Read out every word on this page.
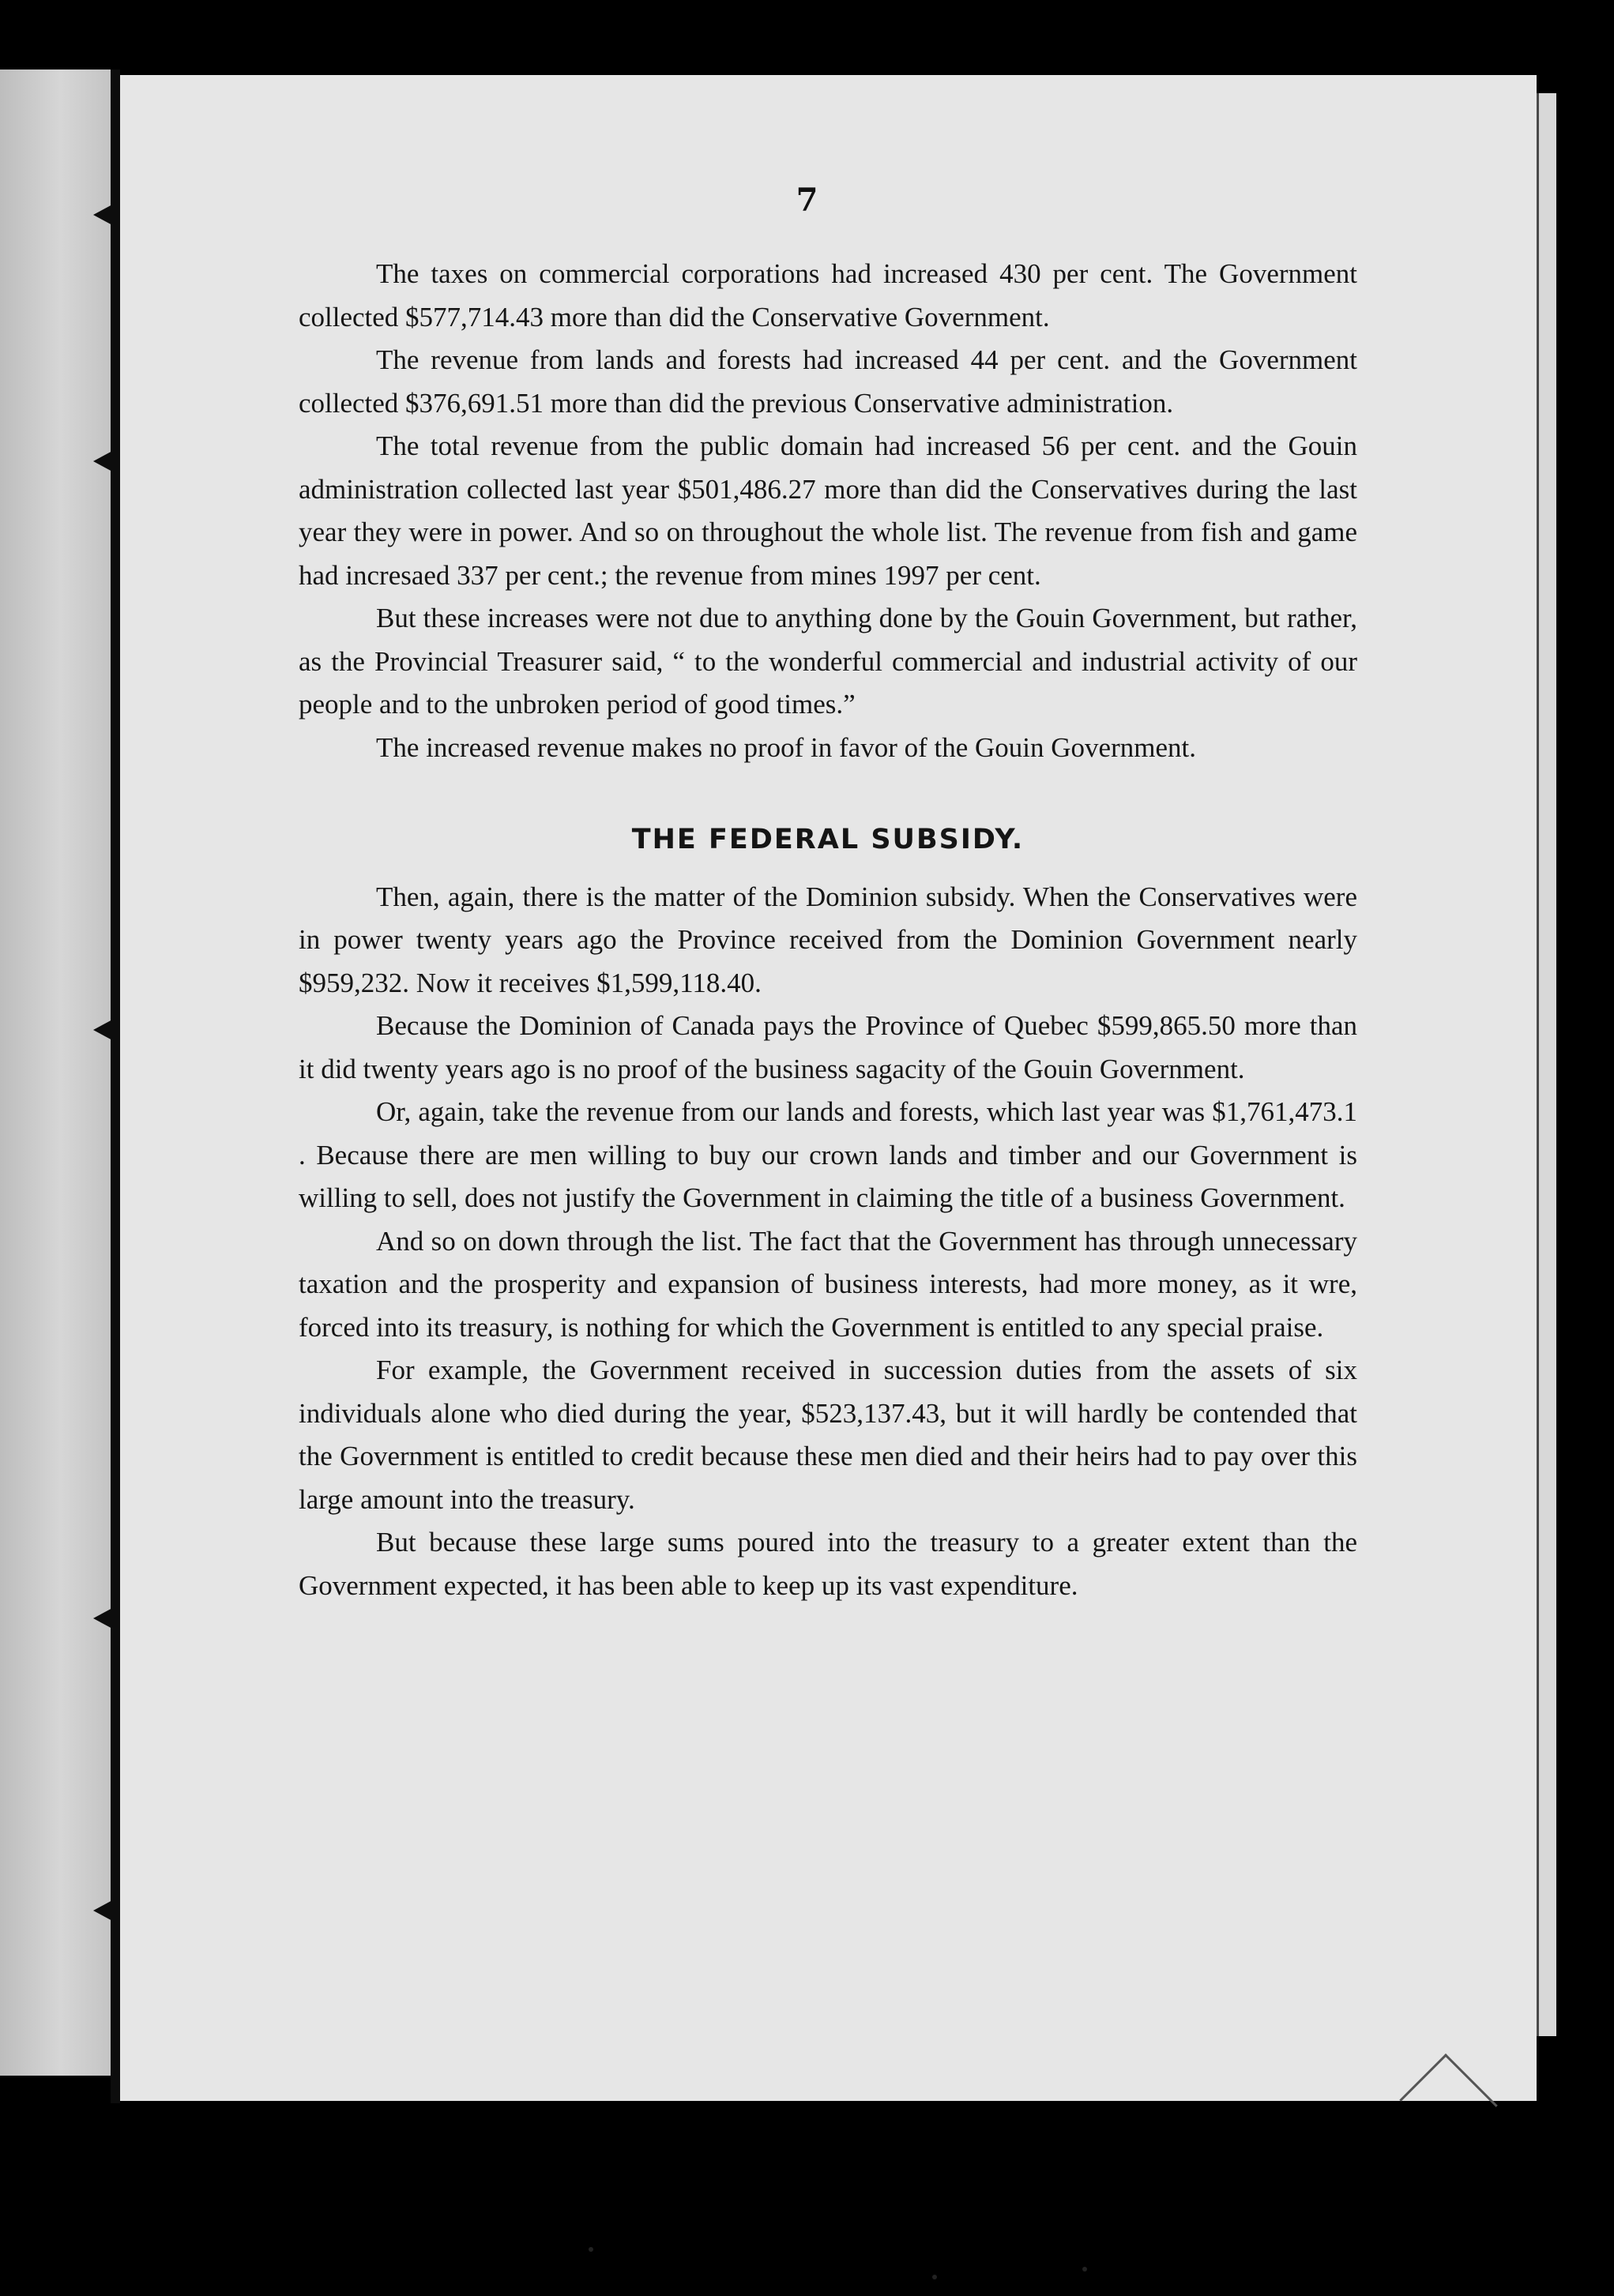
7

The taxes on commercial corporations had increased 430 per cent. The Government collected $577,714.43 more than did the Conservative Government.

The revenue from lands and forests had increased 44 per cent. and the Government collected $376,691.51 more than did the previous Conservative administration.

The total revenue from the public domain had increased 56 per cent. and the Gouin administration collected last year $501,486.27 more than did the Conservatives during the last year they were in power. And so on throughout the whole list. The revenue from fish and game had incresaed 337 per cent.; the revenue from mines 1997 per cent.

But these increases were not due to anything done by the Gouin Government, but rather, as the Provincial Treasurer said, “ to the wonderful commercial and industrial activity of our people and to the unbroken period of good times.”

The increased revenue makes no proof in favor of the Gouin Government.

THE FEDERAL SUBSIDY.

Then, again, there is the matter of the Dominion subsidy. When the Conservatives were in power twenty years ago the Province received from the Dominion Government nearly $959,232. Now it receives $1,599,118.40.

Because the Dominion of Canada pays the Province of Quebec $599,865.50 more than it did twenty years ago is no proof of the business sagacity of the Gouin Government.

Or, again, take the revenue from our lands and forests, which last year was $1,761,473.1 . Because there are men willing to buy our crown lands and timber and our Government is willing to sell, does not justify the Government in claiming the title of a business Government.

And so on down through the list. The fact that the Government has through unnecessary taxation and the prosperity and expansion of business interests, had more money, as it wre, forced into its treasury, is nothing for which the Government is entitled to any special praise.

For example, the Government received in succession duties from the assets of six individuals alone who died during the year, $523,137.43, but it will hardly be contended that the Government is entitled to credit because these men died and their heirs had to pay over this large amount into the treasury.

But because these large sums poured into the treasury to a greater extent than the Government expected, it has been able to keep up its vast expenditure.
